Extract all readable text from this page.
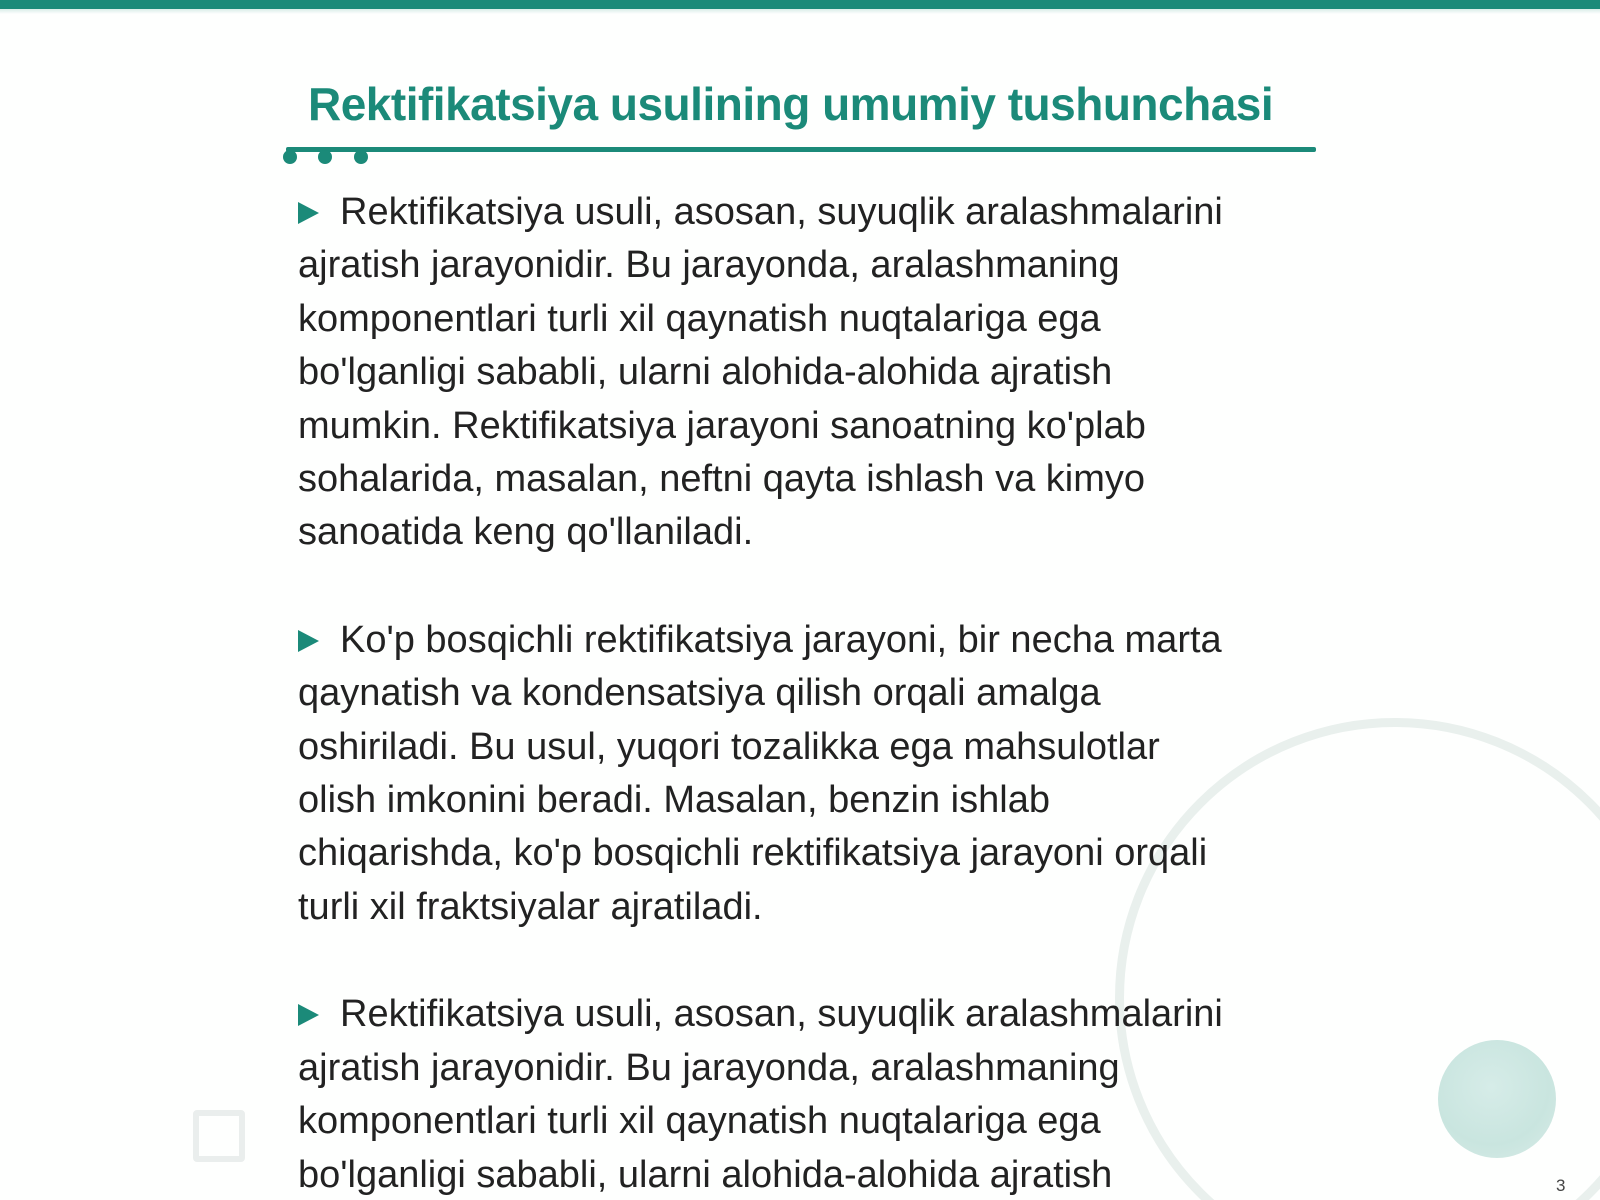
Rektifikatsiya usulining umumiy tushunchasi
Rektifikatsiya usuli, asosan, suyuqlik aralashmalarini
ajratish jarayonidir. Bu jarayonda, aralashmaning
komponentlari turli xil qaynatish nuqtalariga ega
bo'lganligi sababli, ularni alohida-alohida ajratish
mumkin. Rektifikatsiya jarayoni sanoatning ko'plab
sohalarida, masalan, neftni qayta ishlash va kimyo
sanoatida keng qo'llaniladi.
Ko'p bosqichli rektifikatsiya jarayoni, bir necha marta
qaynatish va kondensatsiya qilish orqali amalga
oshiriladi. Bu usul, yuqori tozalikka ega mahsulotlar
olish imkonini beradi. Masalan, benzin ishlab
chiqarishda, ko'p bosqichli rektifikatsiya jarayoni orqali
turli xil fraktsiyalar ajratiladi.
Rektifikatsiya usuli, asosan, suyuqlik aralashmalarini
ajratish jarayonidir. Bu jarayonda, aralashmaning
komponentlari turli xil qaynatish nuqtalariga ega
bo'lganligi sababli, ularni alohida-alohida ajratish	3
